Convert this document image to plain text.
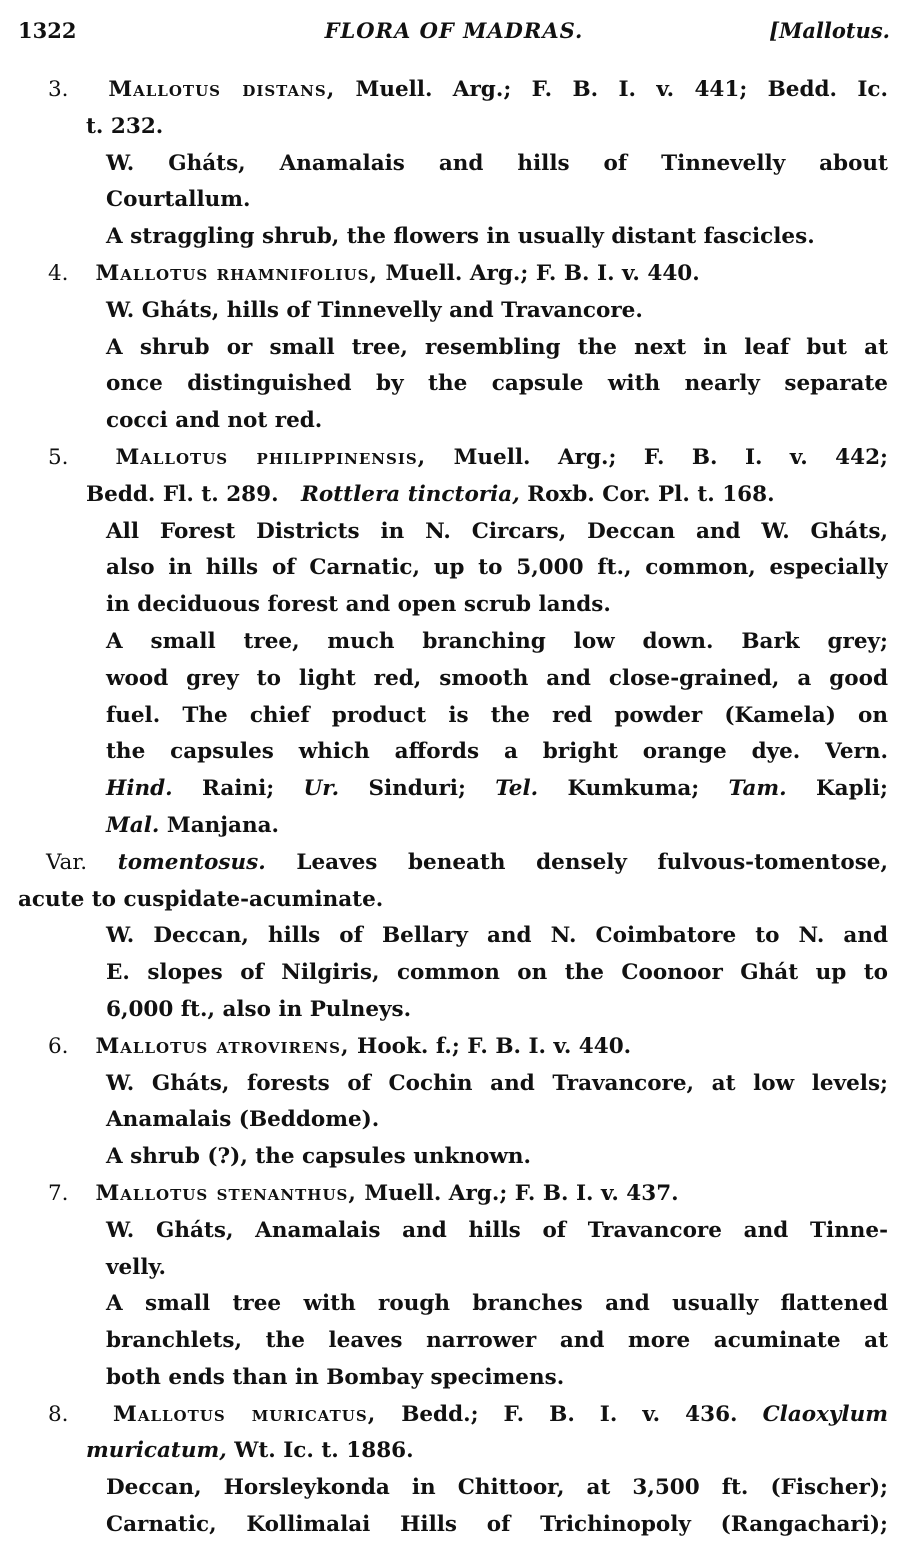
1322	FLORA OF MADRAS.	[Mallotus.
3. Mallotus distans, Muell. Arg.; F. B. I. v. 441; Bedd. Ic.
t. 232.
W. Gháts, Anamalais and hills of Tinnevelly about
Courtallum.
A straggling shrub, the flowers in usually distant fascicles.
4. Mallotus rhamnifolius, Muell. Arg.; F. B. I. v. 440.
W. Gháts, hills of Tinnevelly and Travancore.
A shrub or small tree, resembling the next in leaf but at
once distinguished by the capsule with nearly separate
cocci and not red.
5. Mallotus philippinensis, Muell. Arg.; F. B. I. v. 442;
Bedd. Fl. t. 289. Rottlera tinctoria, Roxb. Cor. Pl. t. 168.
All Forest Districts in N. Circars, Deccan and W. Gháts,
also in hills of Carnatic, up to 5,000 ft., common, especially
in deciduous forest and open scrub lands.
A small tree, much branching low down. Bark grey;
wood grey to light red, smooth and close-grained, a good
fuel. The chief product is the red powder (Kamela) on
the capsules which affords a bright orange dye. Vern.
Hind. Raini; Ur. Sinduri; Tel. Kumkuma; Tam. Kapli;
Mal. Manjana.
Var. tomentosus. Leaves beneath densely fulvous-tomentose,
acute to cuspidate-acuminate.
W. Deccan, hills of Bellary and N. Coimbatore to N. and
E. slopes of Nilgiris, common on the Coonoor Ghát up to
6,000 ft., also in Pulneys.
6. Mallotus atrovirens, Hook. f.; F. B. I. v. 440.
W. Gháts, forests of Cochin and Travancore, at low levels;
Anamalais (Beddome).
A shrub (?), the capsules unknown.
7. Mallotus stenanthus, Muell. Arg.; F. B. I. v. 437.
W. Gháts, Anamalais and hills of Travancore and Tinne-
velly.
A small tree with rough branches and usually flattened
branchlets, the leaves narrower and more acuminate at
both ends than in Bombay specimens.
8. Mallotus muricatus, Bedd.; F. B. I. v. 436. Claoxylum
muricatum, Wt. Ic. t. 1886.
Deccan, Horsleykonda in Chittoor, at 3,500 ft. (Fischer);
Carnatic, Kollimalai Hills of Trichinopoly (Rangachari);
